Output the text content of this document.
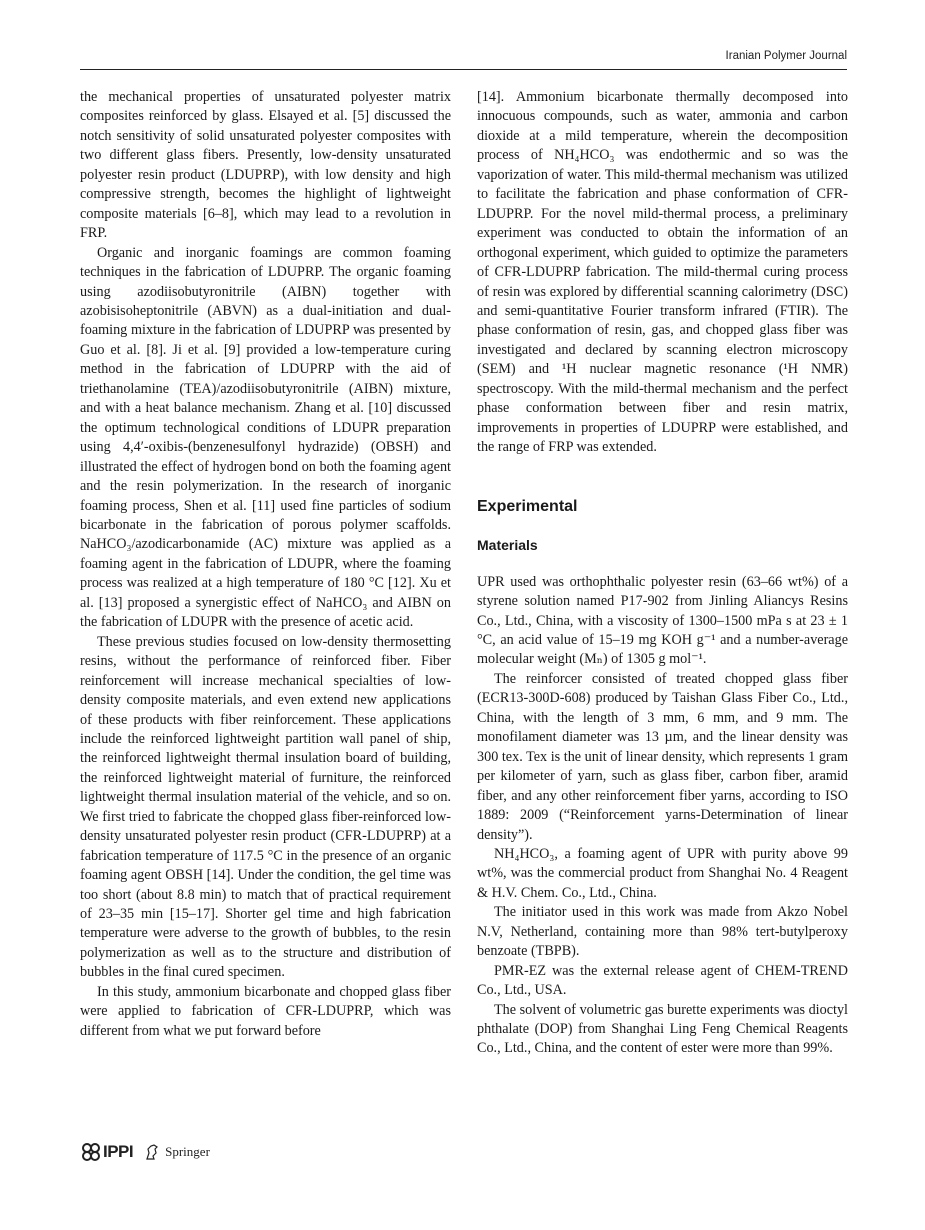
Iranian Polymer Journal

the mechanical properties of unsaturated polyester matrix composites reinforced by glass. Elsayed et al. [5] discussed the notch sensitivity of solid unsaturated polyester composites with two different glass fibers. Presently, low-density unsaturated polyester resin product (LDUPRP), with low density and high compressive strength, becomes the highlight of lightweight composite materials [6–8], which may lead to a revolution in FRP.

Organic and inorganic foamings are common foaming techniques in the fabrication of LDUPRP. The organic foaming using azodiisobutyronitrile (AIBN) together with azobisisoheptonitrile (ABVN) as a dual-initiation and dual-foaming mixture in the fabrication of LDUPRP was presented by Guo et al. [8]. Ji et al. [9] provided a low-temperature curing method in the fabrication of LDUPRP with the aid of triethanolamine (TEA)/azodiisobutyronitrile (AIBN) mixture, and with a heat balance mechanism. Zhang et al. [10] discussed the optimum technological conditions of LDUPR preparation using 4,4′-oxibis-(benzenesulfonyl hydrazide) (OBSH) and illustrated the effect of hydrogen bond on both the foaming agent and the resin polymerization. In the research of inorganic foaming process, Shen et al. [11] used fine particles of sodium bicarbonate in the fabrication of porous polymer scaffolds. NaHCO₃/azodicarbonamide (AC) mixture was applied as a foaming agent in the fabrication of LDUPR, where the foaming process was realized at a high temperature of 180 °C [12]. Xu et al. [13] proposed a synergistic effect of NaHCO₃ and AIBN on the fabrication of LDUPR with the presence of acetic acid.

These previous studies focused on low-density thermosetting resins, without the performance of reinforced fiber. Fiber reinforcement will increase mechanical specialties of low-density composite materials, and even extend new applications of these products with fiber reinforcement. These applications include the reinforced lightweight partition wall panel of ship, the reinforced lightweight thermal insulation board of building, the reinforced lightweight material of furniture, the reinforced lightweight thermal insulation material of the vehicle, and so on. We first tried to fabricate the chopped glass fiber-reinforced low-density unsaturated polyester resin product (CFR-LDUPRP) at a fabrication temperature of 117.5 °C in the presence of an organic foaming agent OBSH [14]. Under the condition, the gel time was too short (about 8.8 min) to match that of practical requirement of 23–35 min [15–17]. Shorter gel time and high fabrication temperature were adverse to the growth of bubbles, to the resin polymerization as well as to the structure and distribution of bubbles in the final cured specimen.

In this study, ammonium bicarbonate and chopped glass fiber were applied to fabrication of CFR-LDUPRP, which was different from what we put forward before

[14]. Ammonium bicarbonate thermally decomposed into innocuous compounds, such as water, ammonia and carbon dioxide at a mild temperature, wherein the decomposition process of NH₄HCO₃ was endothermic and so was the vaporization of water. This mild-thermal mechanism was utilized to facilitate the fabrication and phase conformation of CFR-LDUPRP. For the novel mild-thermal process, a preliminary experiment was conducted to obtain the information of an orthogonal experiment, which guided to optimize the parameters of CFR-LDUPRP fabrication. The mild-thermal curing process of resin was explored by differential scanning calorimetry (DSC) and semi-quantitative Fourier transform infrared (FTIR). The phase conformation of resin, gas, and chopped glass fiber was investigated and declared by scanning electron microscopy (SEM) and ¹H nuclear magnetic resonance (¹H NMR) spectroscopy. With the mild-thermal mechanism and the perfect phase conformation between fiber and resin matrix, improvements in properties of LDUPRP were established, and the range of FRP was extended.

Experimental
Materials

UPR used was orthophthalic polyester resin (63–66 wt%) of a styrene solution named P17-902 from Jinling Aliancys Resins Co., Ltd., China, with a viscosity of 1300–1500 mPa s at 23 ± 1 °C, an acid value of 15–19 mg KOH g⁻¹ and a number-average molecular weight (Mₙ) of 1305 g mol⁻¹.

The reinforcer consisted of treated chopped glass fiber (ECR13-300D-608) produced by Taishan Glass Fiber Co., Ltd., China, with the length of 3 mm, 6 mm, and 9 mm. The monofilament diameter was 13 µm, and the linear density was 300 tex. Tex is the unit of linear density, which represents 1 gram per kilometer of yarn, such as glass fiber, carbon fiber, aramid fiber, and any other reinforcement fiber yarns, according to ISO 1889: 2009 (“Reinforcement yarns-Determination of linear density”).

NH₄HCO₃, a foaming agent of UPR with purity above 99 wt%, was the commercial product from Shanghai No. 4 Reagent & H.V. Chem. Co., Ltd., China.

The initiator used in this work was made from Akzo Nobel N.V, Netherland, containing more than 98% tert-butylperoxy benzoate (TBPB).

PMR-EZ was the external release agent of CHEM-TREND Co., Ltd., USA.

The solvent of volumetric gas burette experiments was dioctyl phthalate (DOP) from Shanghai Ling Feng Chemical Reagents Co., Ltd., China, and the content of ester were more than 99%.

IPPI Springer
